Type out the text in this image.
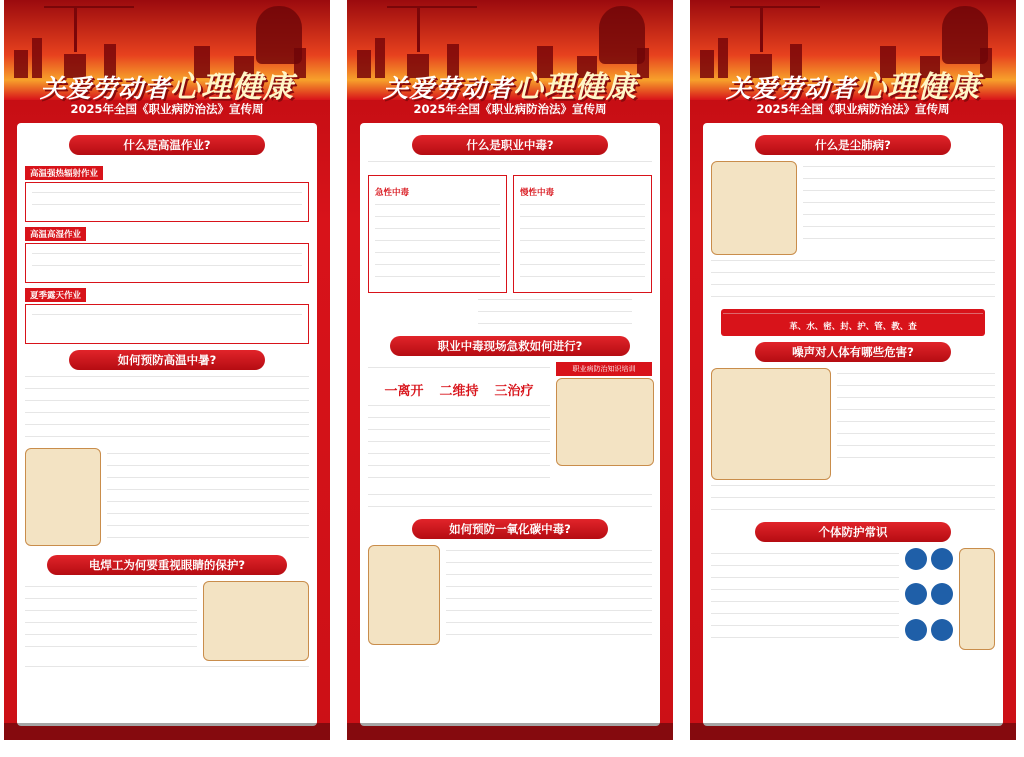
关爱劳动者心理健康
2025年全国《职业病防治法》宣传周
什么是高温作业?
高温强热辐射作业
高温高湿作业
夏季露天作业
如何预防高温中暑?
电焊工为何要重视眼睛的保护?
关爱劳动者心理健康
2025年全国《职业病防治法》宣传周
什么是职业中毒?
急性中毒	慢性中毒
职业中毒现场急救如何进行?
一离开 二维持 三治疗
职业病防治知识培训
如何预防一氧化碳中毒?
关爱劳动者心理健康
2025年全国《职业病防治法》宣传周
什么是尘肺病?
革、水、密、封、护、管、教、查
噪声对人体有哪些危害?
个体防护常识
